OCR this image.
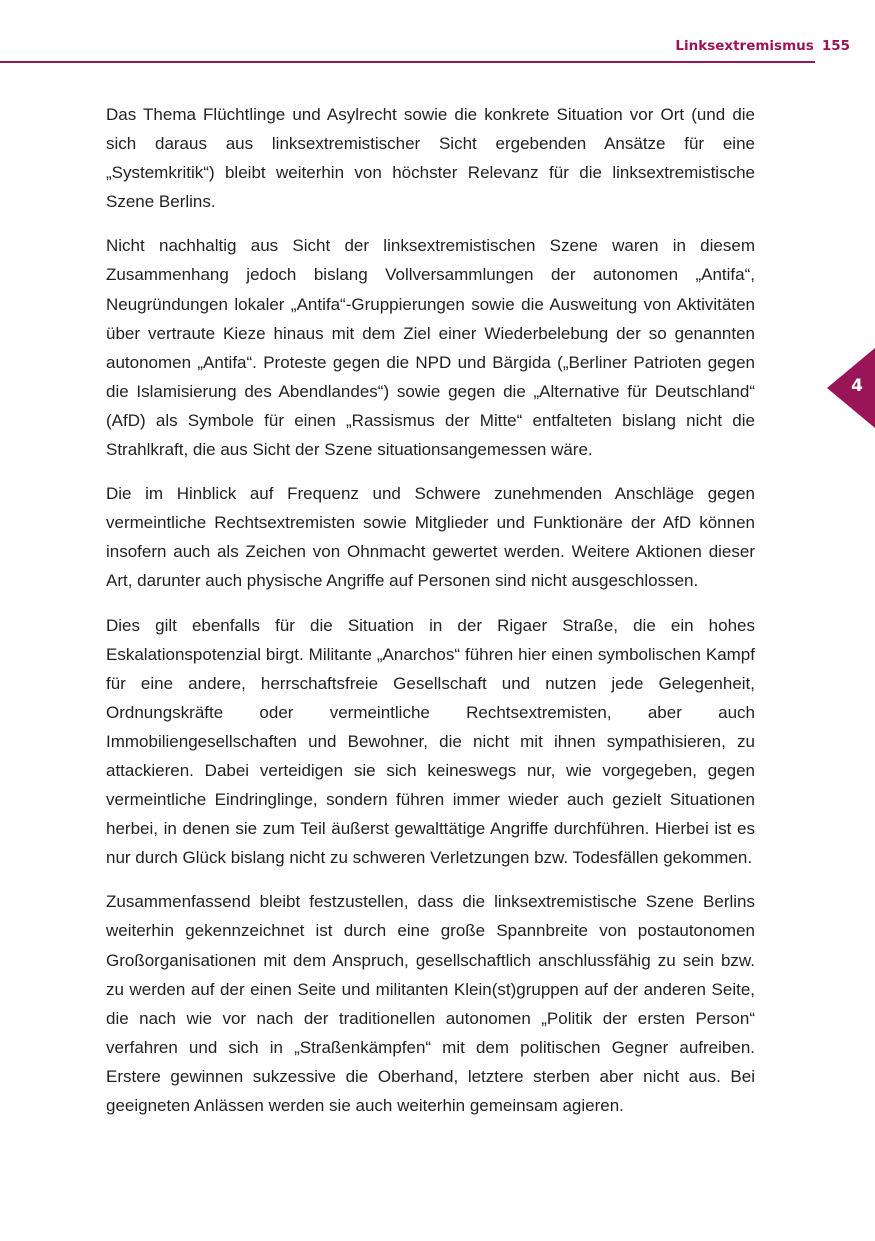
Linksextremismus 155
4

Das Thema Flüchtlinge und Asylrecht sowie die konkrete Situation vor Ort (und die sich daraus aus linksextremistischer Sicht ergebenden Ansätze für eine „Systemkritik“) bleibt weiterhin von höchster Relevanz für die linksextremistische Szene Berlins.

Nicht nachhaltig aus Sicht der linksextremistischen Szene waren in diesem Zusammenhang jedoch bislang Vollversammlungen der autonomen „Antifa“, Neugründungen lokaler „Antifa“-Gruppierungen sowie die Ausweitung von Aktivitäten über vertraute Kieze hinaus mit dem Ziel einer Wiederbelebung der so genannten autonomen „Antifa“. Proteste gegen die NPD und Bärgida („Berliner Patrioten gegen die Islamisierung des Abendlandes“) sowie gegen die „Alternative für Deutschland“ (AfD) als Symbole für einen „Rassismus der Mitte“ entfalteten bislang nicht die Strahlkraft, die aus Sicht der Szene situationsangemessen wäre.

Die im Hinblick auf Frequenz und Schwere zunehmenden Anschläge gegen vermeintliche Rechtsextremisten sowie Mitglieder und Funktionäre der AfD können insofern auch als Zeichen von Ohnmacht gewertet werden. Weitere Aktionen dieser Art, darunter auch physische Angriffe auf Personen sind nicht ausgeschlossen.

Dies gilt ebenfalls für die Situation in der Rigaer Straße, die ein hohes Eskalationspotenzial birgt. Militante „Anarchos“ führen hier einen symbolischen Kampf für eine andere, herrschaftsfreie Gesellschaft und nutzen jede Gelegenheit, Ordnungskräfte oder vermeintliche Rechtsextremisten, aber auch Immobiliengesellschaften und Bewohner, die nicht mit ihnen sympathisieren, zu attackieren. Dabei verteidigen sie sich keineswegs nur, wie vorgegeben, gegen vermeintliche Eindringlinge, sondern führen immer wieder auch gezielt Situationen herbei, in denen sie zum Teil äußerst gewalttätige Angriffe durchführen. Hierbei ist es nur durch Glück bislang nicht zu schweren Verletzungen bzw. Todesfällen gekommen.

Zusammenfassend bleibt festzustellen, dass die linksextremistische Szene Berlins weiterhin gekennzeichnet ist durch eine große Spannbreite von postautonomen Großorganisationen mit dem Anspruch, gesellschaftlich anschlussfähig zu sein bzw. zu werden auf der einen Seite und militanten Klein(st)gruppen auf der anderen Seite, die nach wie vor nach der traditionellen autonomen „Politik der ersten Person“ verfahren und sich in „Straßenkämpfen“ mit dem politischen Gegner aufreiben. Erstere gewinnen sukzessive die Oberhand, letztere sterben aber nicht aus. Bei geeigneten Anlässen werden sie auch weiterhin gemeinsam agieren.
